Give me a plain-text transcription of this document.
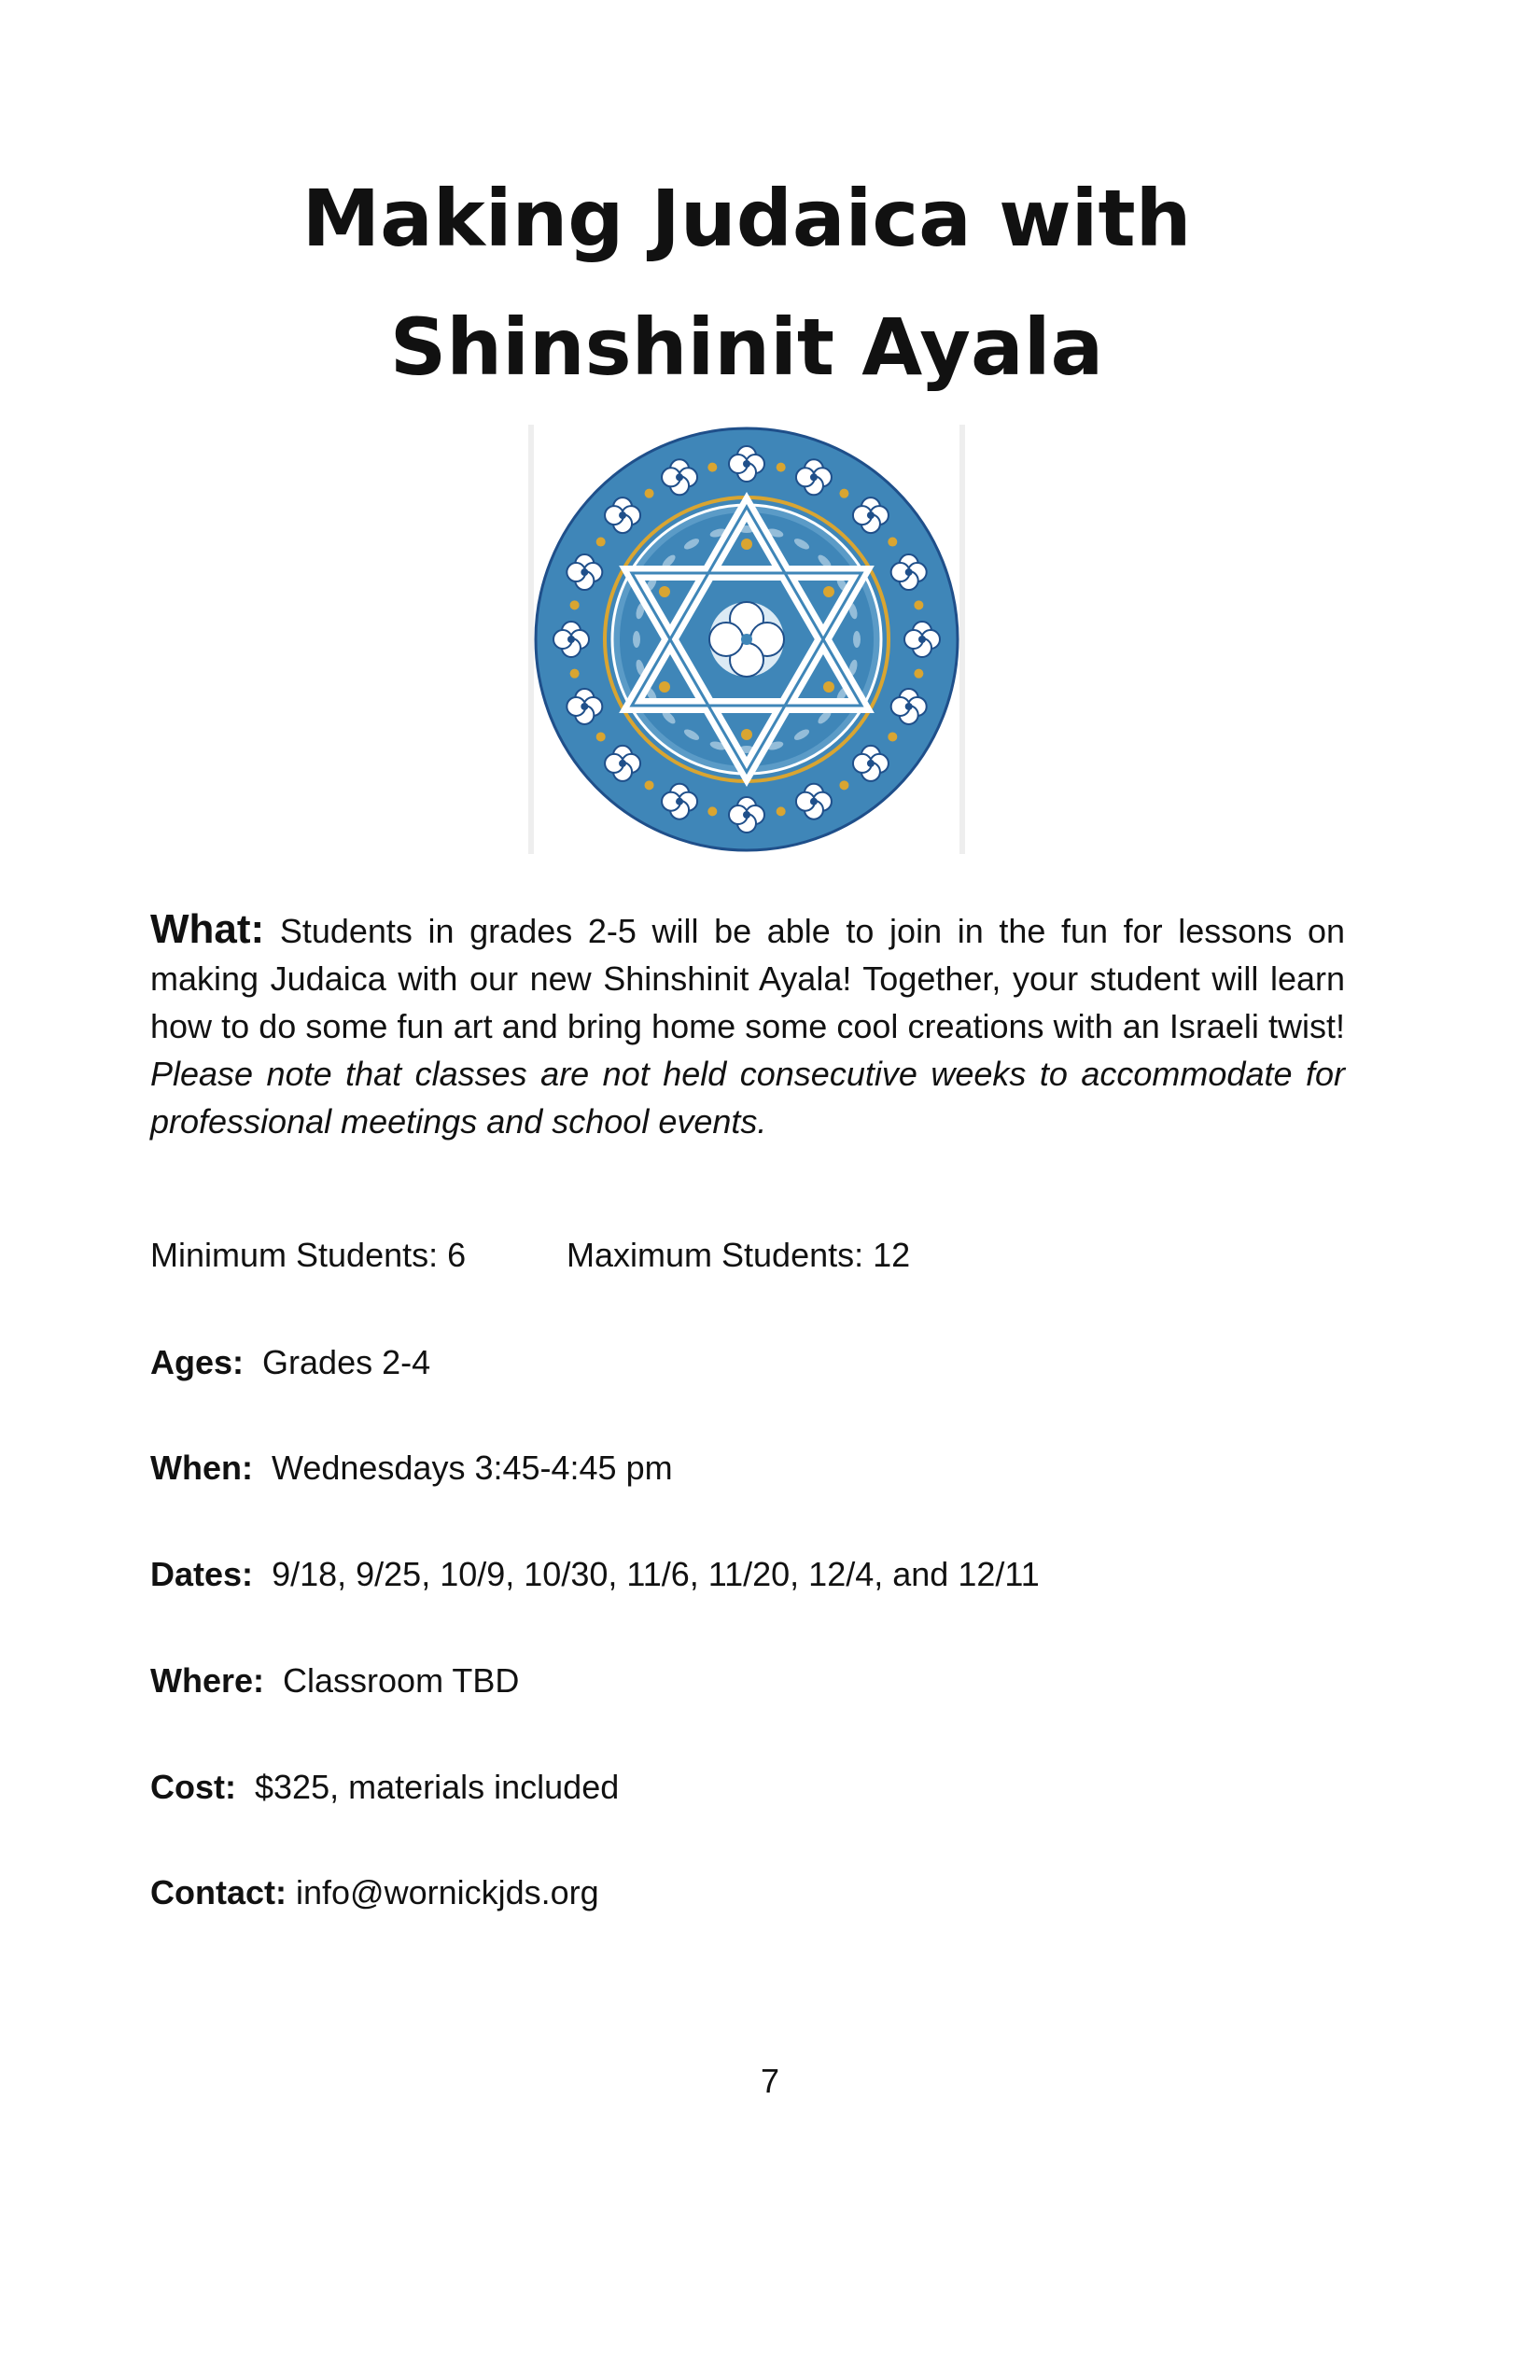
Making Judaica with
Shinshinit Ayala

What: Students in grades 2-5 will be able to join in the fun for lessons on making Judaica with our new Shinshinit Ayala! Together, your student will learn how to do some fun art and bring home some cool creations with an Israeli twist! Please note that classes are not held consecutive weeks to accommodate for professional meetings and school events.

Minimum Students: 6	Maximum Students: 12
Ages: Grades 2-4
When: Wednesdays 3:45-4:45 pm
Dates: 9/18, 9/25, 10/9, 10/30, 11/6, 11/20, 12/4, and 12/11
Where: Classroom TBD
Cost: $325, materials included
Contact: info@wornickjds.org
7
